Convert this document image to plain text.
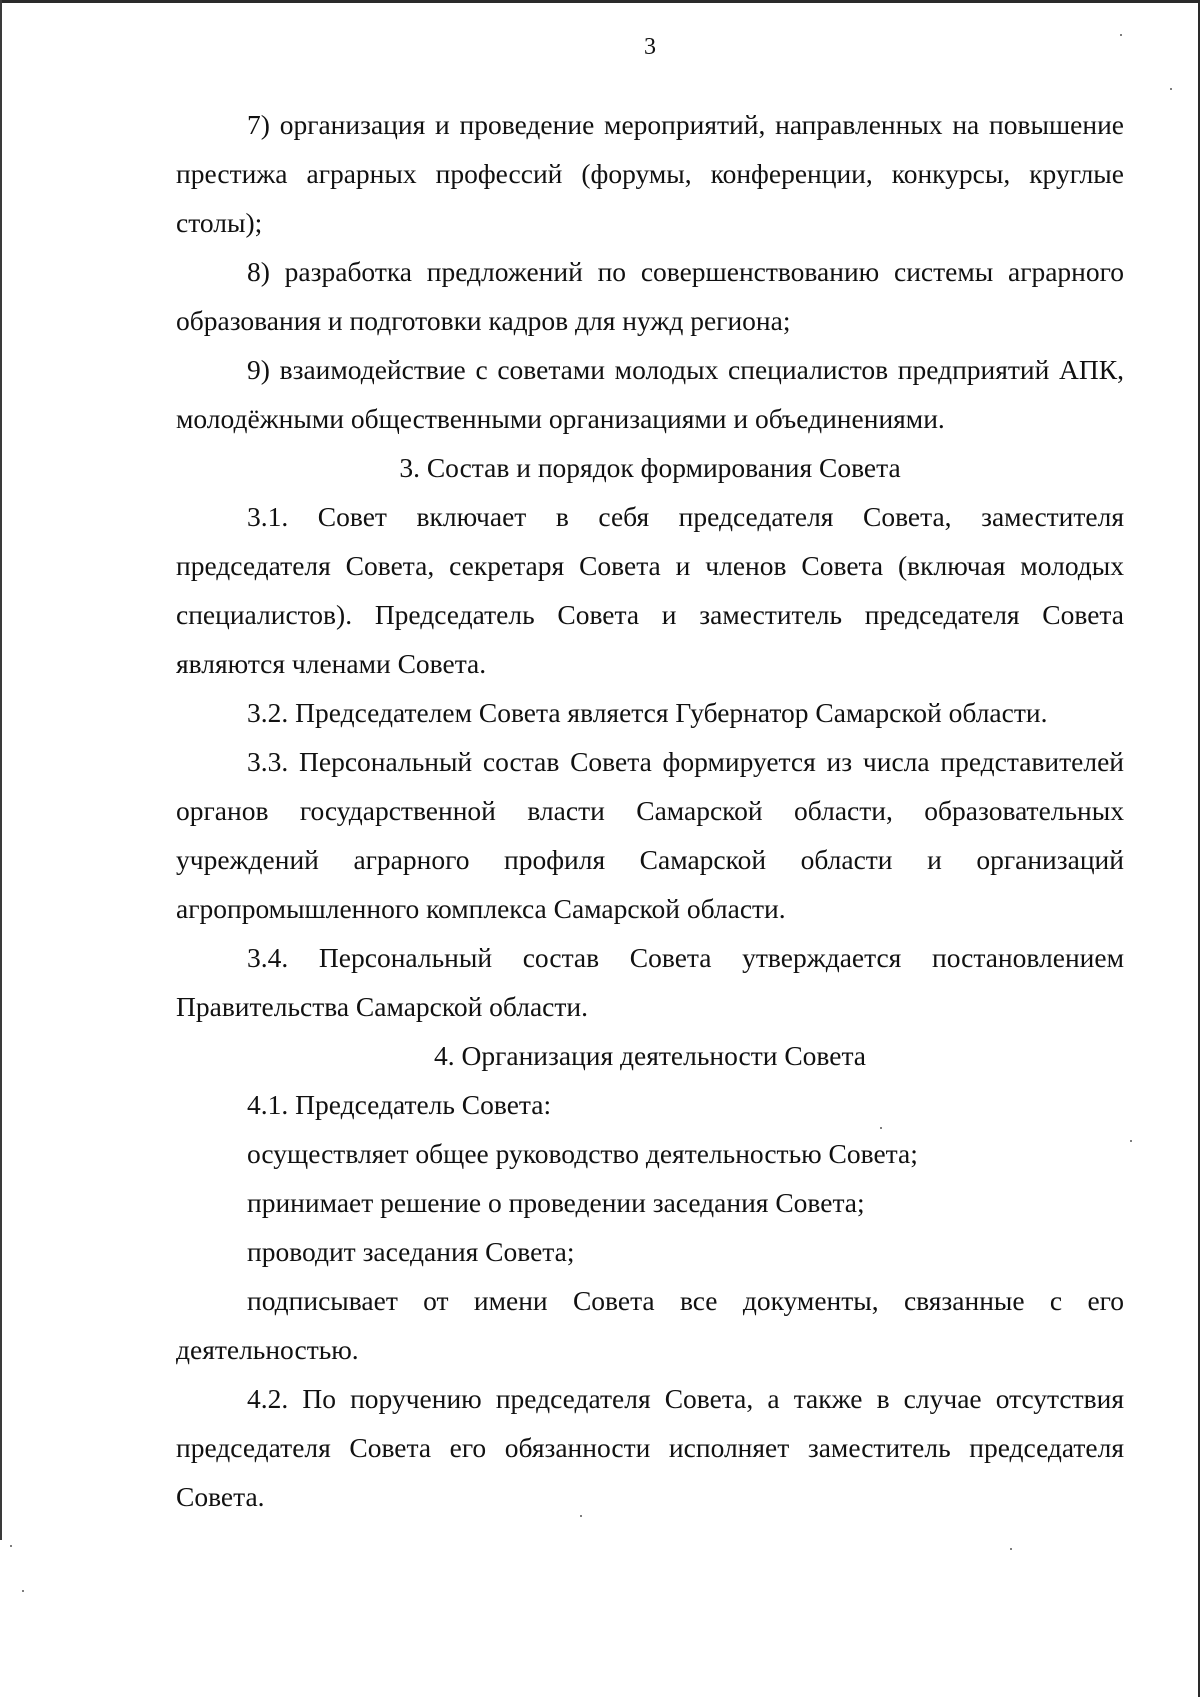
3

7) организация и проведение мероприятий, направленных на повышение престижа аграрных профессий (форумы, конференции, конкурсы, круглые столы);

8) разработка предложений по совершенствованию системы аграрного образования и подготовки кадров для нужд региона;

9) взаимодействие с советами молодых специалистов предприятий АПК, молодёжными общественными организациями и объединениями.

3. Состав и порядок формирования Совета

3.1. Совет включает в себя председателя Совета, заместителя председателя Совета, секретаря Совета и членов Совета (включая молодых специалистов). Председатель Совета и заместитель председателя Совета являются членами Совета.

3.2. Председателем Совета является Губернатор Самарской области.

3.3. Персональный состав Совета формируется из числа представителей органов государственной власти Самарской области, образовательных учреждений аграрного профиля Самарской области и организаций агропромышленного комплекса Самарской области.

3.4. Персональный состав Совета утверждается постановлением Правительства Самарской области.

4. Организация деятельности Совета

4.1. Председатель Совета:

осуществляет общее руководство деятельностью Совета;

принимает решение о проведении заседания Совета;

проводит заседания Совета;

подписывает от имени Совета все документы, связанные с его деятельностью.

4.2. По поручению председателя Совета, а также в случае отсутствия председателя Совета его обязанности исполняет заместитель председателя Совета.
